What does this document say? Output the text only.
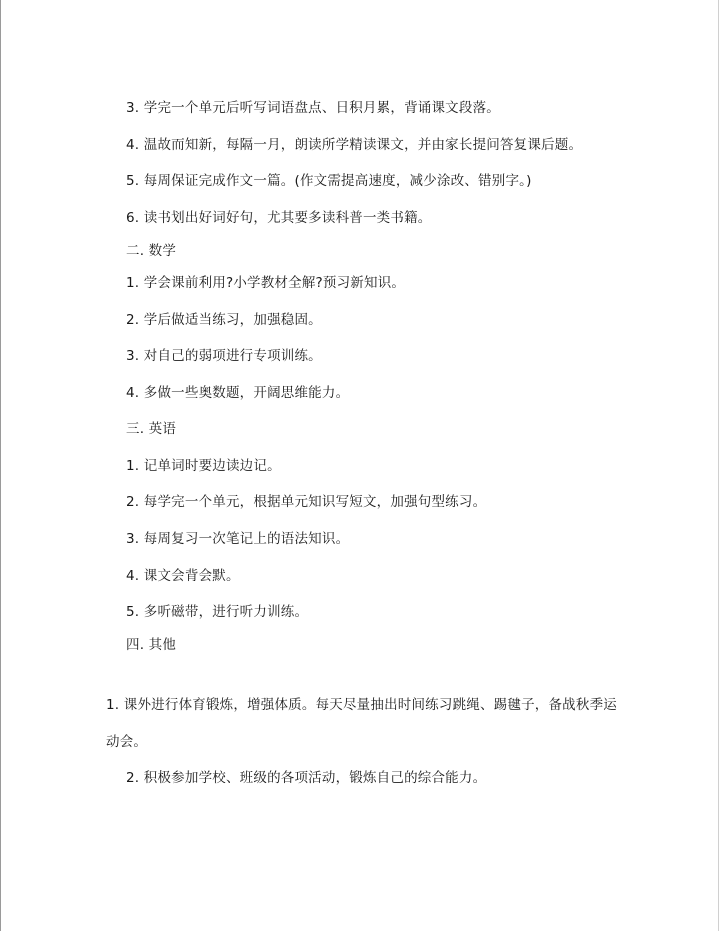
3. 学完一个单元后听写词语盘点、日积月累，背诵课文段落。
4. 温故而知新，每隔一月，朗读所学精读课文，并由家长提问答复课后题。
5. 每周保证完成作文一篇。(作文需提高速度，减少涂改、错别字。)
6. 读书划出好词好句，尤其要多读科普一类书籍。
二. 数学
1. 学会课前利用?小学教材全解?预习新知识。
2. 学后做适当练习，加强稳固。
3. 对自己的弱项进行专项训练。
4. 多做一些奥数题，开阔思维能力。
三. 英语
1. 记单词时要边读边记。
2. 每学完一个单元，根据单元知识写短文，加强句型练习。
3. 每周复习一次笔记上的语法知识。
4. 课文会背会默。
5. 多听磁带，进行听力训练。
四. 其他
1. 课外进行体育锻炼，增强体质。每天尽量抽出时间练习跳绳、踢毽子，备战秋季运
动会。
2. 积极参加学校、班级的各项活动，锻炼自己的综合能力。
